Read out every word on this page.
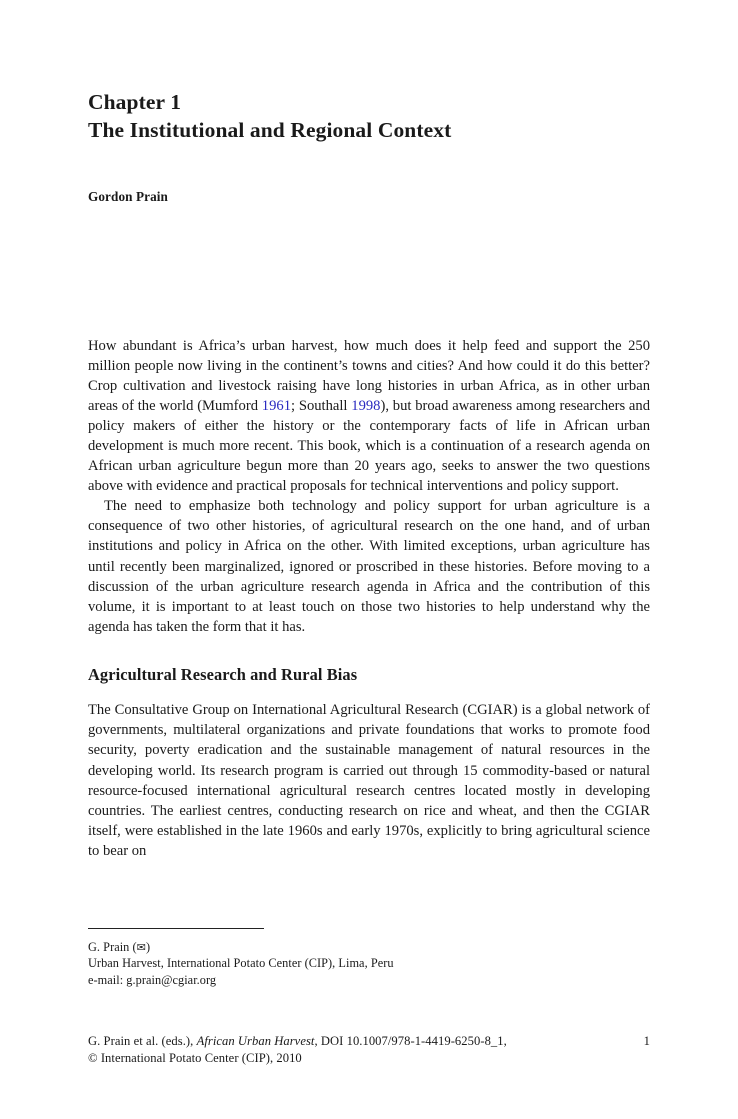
Chapter 1
The Institutional and Regional Context
Gordon Prain

How abundant is Africa’s urban harvest, how much does it help feed and support the 250 million people now living in the continent’s towns and cities? And how could it do this better? Crop cultivation and livestock raising have long histories in urban Africa, as in other urban areas of the world (Mumford 1961; Southall 1998), but broad awareness among researchers and policy makers of either the history or the contemporary facts of life in African urban development is much more recent. This book, which is a continuation of a research agenda on African urban agriculture begun more than 20 years ago, seeks to answer the two questions above with evidence and practical proposals for technical interventions and policy support.

The need to emphasize both technology and policy support for urban agriculture is a consequence of two other histories, of agricultural research on the one hand, and of urban institutions and policy in Africa on the other. With limited exceptions, urban agriculture has until recently been marginalized, ignored or proscribed in these histories. Before moving to a discussion of the urban agriculture research agenda in Africa and the contribution of this volume, it is important to at least touch on those two histories to help understand why the agenda has taken the form that it has.

Agricultural Research and Rural Bias

The Consultative Group on International Agricultural Research (CGIAR) is a global network of governments, multilateral organizations and private foundations that works to promote food security, poverty eradication and the sustainable management of natural resources in the developing world. Its research program is carried out through 15 commodity-based or natural resource-focused international agricultural research centres located mostly in developing countries. The earliest centres, conducting research on rice and wheat, and then the CGIAR itself, were established in the late 1960s and early 1970s, explicitly to bring agricultural science to bear on

G. Prain (✉)
Urban Harvest, International Potato Center (CIP), Lima, Peru
e-mail: g.prain@cgiar.org
G. Prain et al. (eds.), African Urban Harvest, DOI 10.1007/978-1-4419-6250-8_1,	1
© International Potato Center (CIP), 2010
